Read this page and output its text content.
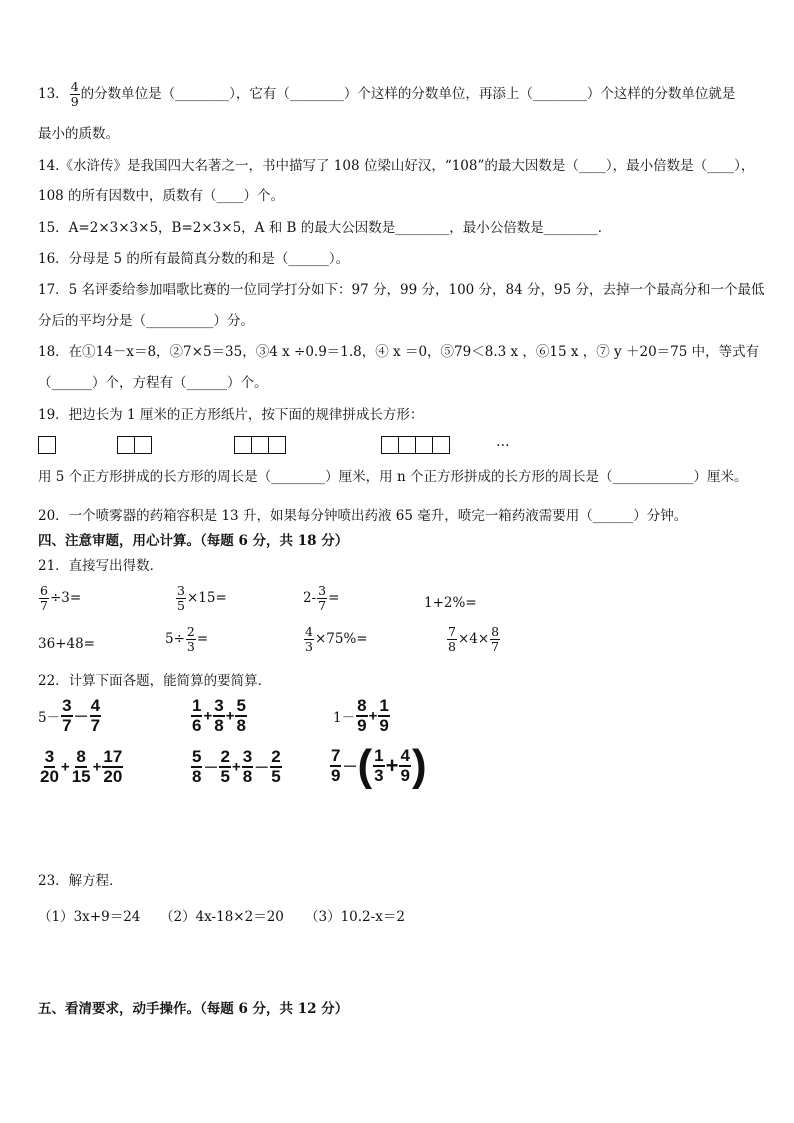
13． $\frac{4}{9}$ 的分数单位是（________），它有（________）个这样的分数单位，再添上（________）个这样的分数单位就是
最小的质数。
14.《水浒传》是我国四大名著之一，书中描写了 108 位梁山好汉，“108”的最大因数是（____），最小倍数是（____），
108 的所有因数中，质数有（____）个。
15．A=2×3×3×5，B=2×3×5，A 和 B 的最大公因数是________，最小公倍数是________．
16．分母是 5 的所有最简真分数的和是（______）。
17．5 名评委给参加唱歌比赛的一位同学打分如下：97 分，99 分，100 分，84 分，95 分，去掉一个最高分和一个最低
分后的平均分是（__________）分。
18．在①14－x＝8，②7×5＝35，③4 x ÷0.9＝1.8，④ x ＝0，⑤79＜8.3 x ，⑥15 x ，⑦ y ＋20＝75 中，等式有
（______）个，方程有（______）个。
19．把边长为 1 厘米的正方形纸片，按下面的规律拼成长方形：
…
用 5 个正方形拼成的长方形的周长是（________）厘米，用 n 个正方形拼成的长方形的周长是（____________）厘米。
20．一个喷雾器的药箱容积是 13 升，如果每分钟喷出药液 65 毫升，喷完一箱药液需要用（______）分钟。
四、注意审题，用心计算。（每题 6 分，共 18 分）
21．直接写出得数．
$\frac{6}{7} \div 3=$	$\frac{3}{5} \times 15=$	$2- \frac{3}{7}$ =	1+2%=
36+48=	$5\div \frac{2}{3}$ =	$\frac{4}{3} \times 75\%=$	$\frac{7}{8} \times 4\times \frac{8}{7}$
22．计算下面各题，能简算的要简算．
$5- \frac{3}{7} - \frac{4}{7}$	$\frac{1}{6} + \frac{3}{8} + \frac{5}{8}$	$1- \frac{8}{9} + \frac{1}{9}$
$\frac{3}{20} + \frac{8}{15} + \frac{17}{20}$	$\frac{5}{8} - \frac{2}{5} + \frac{3}{8} - \frac{2}{5}$	$\frac{7}{9}$ －( $\frac{1}{3} + \frac{4}{9}$ )
23．解方程．
（1）3x+9＝24 （2）4x-18×2＝20 （3）10.2-x＝2
五、看清要求，动手操作。（每题 6 分，共 12 分）
